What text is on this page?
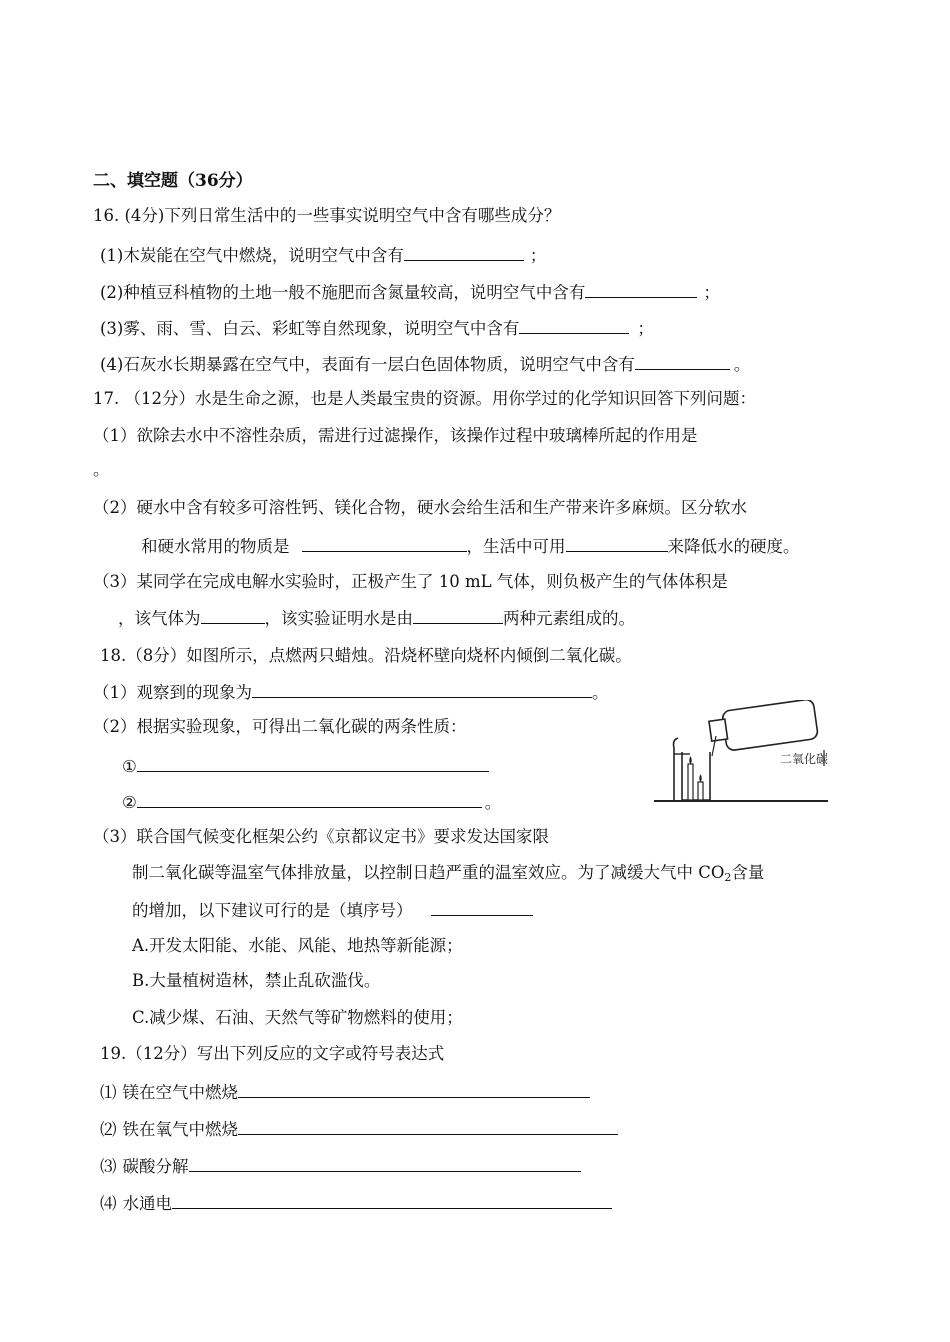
二、填空题（36分）
16. (4分)下列日常生活中的一些事实说明空气中含有哪些成分？
(1)木炭能在空气中燃烧，说明空气中含有	；
(2)种植豆科植物的土地一般不施肥而含氮量较高，说明空气中含有	；
(3)雾、雨、雪、白云、彩虹等自然现象，说明空气中含有	；
(4)石灰水长期暴露在空气中，表面有一层白色固体物质，说明空气中含有	。
17. （12分）水是生命之源，也是人类最宝贵的资源。用你学过的化学知识回答下列问题：
（1）欲除去水中不溶性杂质，需进行过滤操作，该操作过程中玻璃棒所起的作用是
。
（2）硬水中含有较多可溶性钙、镁化合物，硬水会给生活和生产带来许多麻烦。区分软水
和硬水常用的物质是	，生活中可用	来降低水的硬度。
（3）某同学在完成电解水实验时，正极产生了 10 mL 气体，则负极产生的气体体积是
，该气体为	，该实验证明水是由	两种元素组成的。
18.（8分）如图所示，点燃两只蜡烛。沿烧杯壁向烧杯内倾倒二氧化碳。
（1）观察到的现象为	。
（2）根据实验现象，可得出二氧化碳的两条性质：
①
②	。
二氧化碳
（3）联合国气候变化框架公约《京都议定书》要求发达国家限
制二氧化碳等温室气体排放量，以控制日趋严重的温室效应。为了减缓大气中 $CO_2$含量
的增加，以下建议可行的是（填序号）
A.开发太阳能、水能、风能、地热等新能源；
B.大量植树造林，禁止乱砍滥伐。
C.减少煤、石油、天然气等矿物燃料的使用；
19.（12分）写出下列反应的文字或符号表达式
⑴ 镁在空气中燃烧
⑵ 铁在氧气中燃烧
⑶ 碳酸分解
⑷ 水通电
